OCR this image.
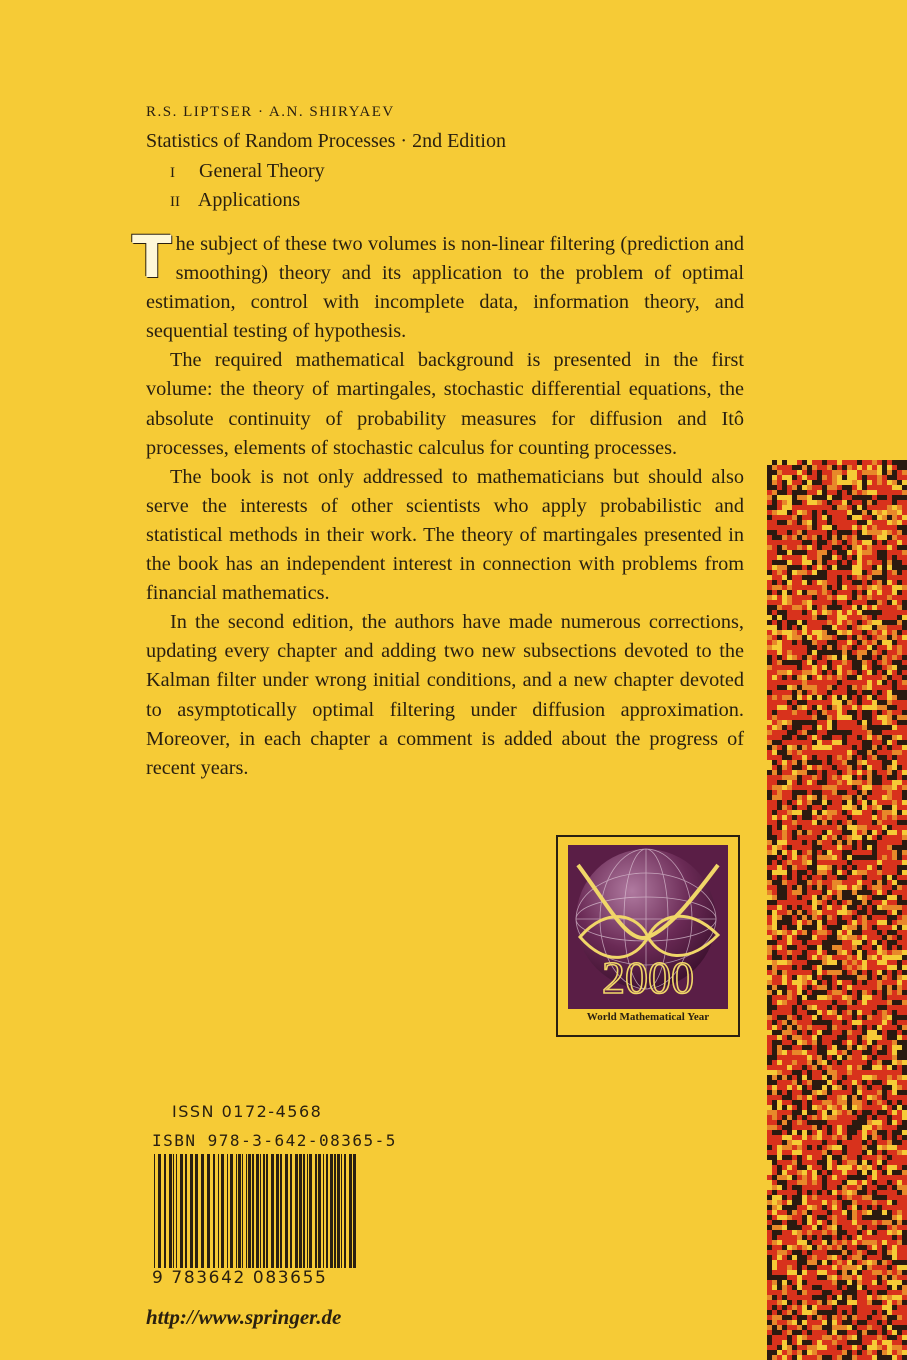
R.S. LIPTSER · A.N. SHIRYAEV
Statistics of Random Processes · 2nd Edition
I General Theory
II Applications

The subject of these two volumes is non-linear filtering (prediction and smoothing) theory and its application to the problem of optimal estimation, control with incomplete data, information theory, and sequential testing of hypothesis.

The required mathematical background is presented in the first volume: the theory of martingales, stochastic differential equations, the absolute continuity of probability measures for diffusion and Itô processes, elements of stochastic calculus for counting processes.

The book is not only addressed to mathematicians but should also serve the interests of other scientists who apply probabilistic and statistical methods in their work. The theory of martingales presented in the book has an independent interest in connection with problems from financial mathematics.

In the second edition, the authors have made numerous corrections, updating every chapter and adding two new subsections devoted to the Kalman filter under wrong initial conditions, and a new chapter devoted to asymptotically optimal filtering under diffusion approximation. Moreover, in each chapter a comment is added about the progress of recent years.

2000
World Mathematical Year
ISSN 0172-4568
ISBN 978-3-642-08365-5
9 783642 083655
http://www.springer.de
